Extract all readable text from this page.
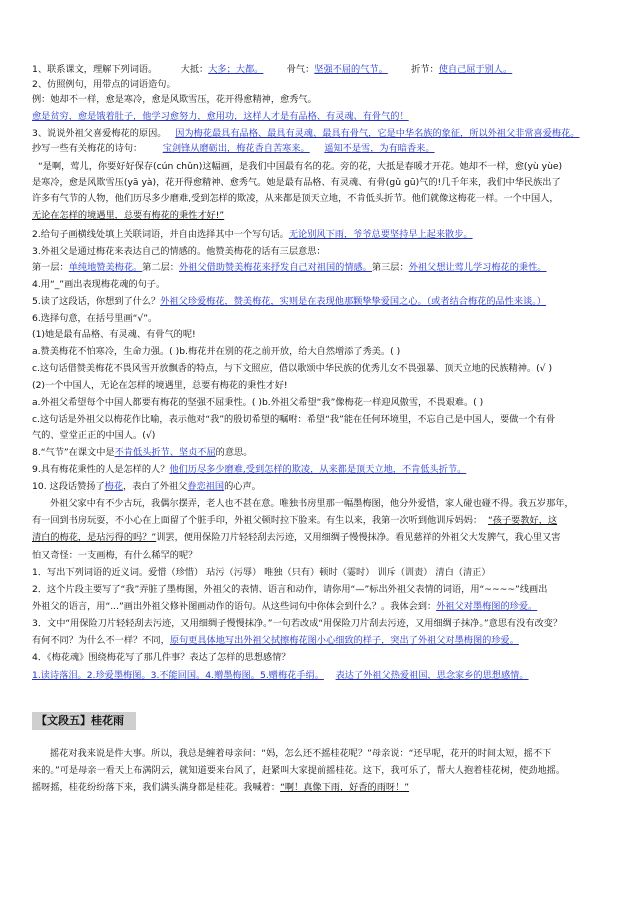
1、联系课文，理解下列词语。	大抵：大多；大都。	骨气：坚强不屈的气节。	折节：使自己屈于别人。
2、仿照例句，用带点的词语造句。
例：她却不一样，愈是寒冷，愈是风欺雪压，花开得愈精神，愈秀气。
愈是贫穷，愈是饿着肚子，他学习愈努力，愈用功，这样人才是有品格、有灵魂、有骨气的！
3、说说外祖父喜爱梅花的原因。 因为梅花最具有品格、最具有灵魂、最具有骨气，它是中华名族的象征，所以外祖父非常喜爱梅花。
抄写一些有关梅花的诗句： 宝剑锋从磨砺出，梅花香自苦寒来。 遥知不是雪，为有暗香来。
“是啊，莺儿，你要好好保存(cún chǔn)这幅画，是我们中国最有名的花。旁的花，大抵是春暖才开花。她却不一样，愈(yù yùe)
是寒冷，愈是风欺雪压(yā yà)，花开得愈精神、愈秀气。她是最有品格、有灵魂、有骨(gǔ gū)气的!几千年来，我们中华民族出了
许多有气节的人物，他们历尽多少磨难,受到怎样的欺凌，从来都是顶天立地，不肯低头折节。他们就像这梅花一样。一个中国人，
无论在怎样的境遇里，总要有梅花的秉性才好!”
2.给句子画横线处填上关联词语，并自由选择其中一个写句话。无论别风下雨，爷爷总要坚持早上起来散步。
3.外祖父是通过梅花来表达自己的情感的。他赞美梅花的话有三层意思：
第一层：单纯地赞美梅花。第二层：外祖父借助赞美梅花来抒发自己对祖国的情感。第三层：外祖父想让莺儿学习梅花的秉性。
4.用“_”画出表现梅花魂的句子。
5.读了这段话，你想到了什么？外祖父珍爱梅花，赞美梅花，实则是在表现他那颗挚挚爱国之心。（或者结合梅花的品性来谈。）
6.选择句意，在括号里画“√”。
(1)她是最有品格、有灵魂、有骨气的呢!
a.赞美梅花不怕寒冷，生命力强。( )b.梅花并在别的花之前开放，给大自然增添了秀美。( )
c.这句话借赞美梅花不畏风雪开放飘香的特点，与下文照应，借以歌颂中华民族的优秀儿女不畏强暴、顶天立地的民族精神。(√ )
(2)一个中国人，无论在怎样的境遇里，总要有梅花的秉性才好!
a.外祖父希望每个中国人都要有梅花的坚强不屈秉性。( )b.外祖父希望“我”像梅花一样迎风傲雪，不畏艰难。( )
c.这句话是外祖父以梅花作比喻，表示他对“我”的殷切希望的嘱咐：希望“我”能在任何环境里，不忘自己是中国人，要做一个有骨
气的、堂堂正正的中国人。(√)
8.“气节”在课文中是不肯低头折节、坚贞不屈的意思。
9.具有梅花秉性的人是怎样的人？他们历尽多少磨难,受到怎样的欺凌，从来都是顶天立地，不肯低头折节。
10. 这段话赞扬了梅花，表白了外祖父眷恋祖国的心声。
外祖父家中有不少古玩，我偶尔摆弄，老人也不甚在意。唯独书房里那一幅墨梅图，他分外爱惜，家人碰也碰不得。我五岁那年，
有一回到书房玩耍，不小心在上面留了个脏手印，外祖父顿时拉下脸来。有生以来，我第一次听到他训斥妈妈： “孩子要教好，这
清白的梅花，是玷污得的吗？”训罢，便用保险刀片轻轻刮去污迹，又用细绸子慢慢抹净。看见慈祥的外祖父大发脾气，我心里又害
怕又奇怪：一支画梅，有什么稀罕的呢？
1．写出下列词语的近义词。爱惜（珍惜） 玷污（污辱） 唯独（只有）顿时（霎时） 训斥（训责） 清白（清正）
2．这个片段主要写了“我”弄脏了墨梅图，外祖父的表情、语言和动作，请你用“—”标出外祖父表情的词语，用“~~~~”线画出
外祖父的语言，用“...”画出外祖父修补图画动作的语句。从这些词句中你体会到什么？。我体会到：外祖父对墨梅图的珍爱。
3．文中“用保险刀片轻轻刮去污迹，又用细绸子慢慢抹净。”一句若改成“用保险刀片刮去污迹，又用细绸子抹净。”意思有没有改变？
有何不同？为什么不一样？不同，原句更具体地写出外祖父拭擦梅花图小心细致的样子，突出了外祖父对墨梅图的珍爱。
4．《梅花魂》围绕梅花写了那几件事？表达了怎样的思想感情？
1.读诗落泪。2.珍爱墨梅图。3.不能回国。4.赠墨梅图。5.赠梅花手绢。 表达了外祖父热爱祖国，思念家乡的思想感情。
【文段五】桂花雨
摇花对我来说是件大事。所以，我总是缠着母亲问：“妈，怎么还不摇桂花呢？”母亲说：“还早呢，花开的时间太短，摇不下
来的。”可是母亲一看天上布满阴云，就知道要来台风了，赶紧叫大家提前摇桂花。这下，我可乐了，帮大人抱着桂花树，使劲地摇。
摇呀摇，桂花纷纷落下来，我们满头满身都是桂花。我喊着：“啊！真像下雨，好香的雨呀！”
